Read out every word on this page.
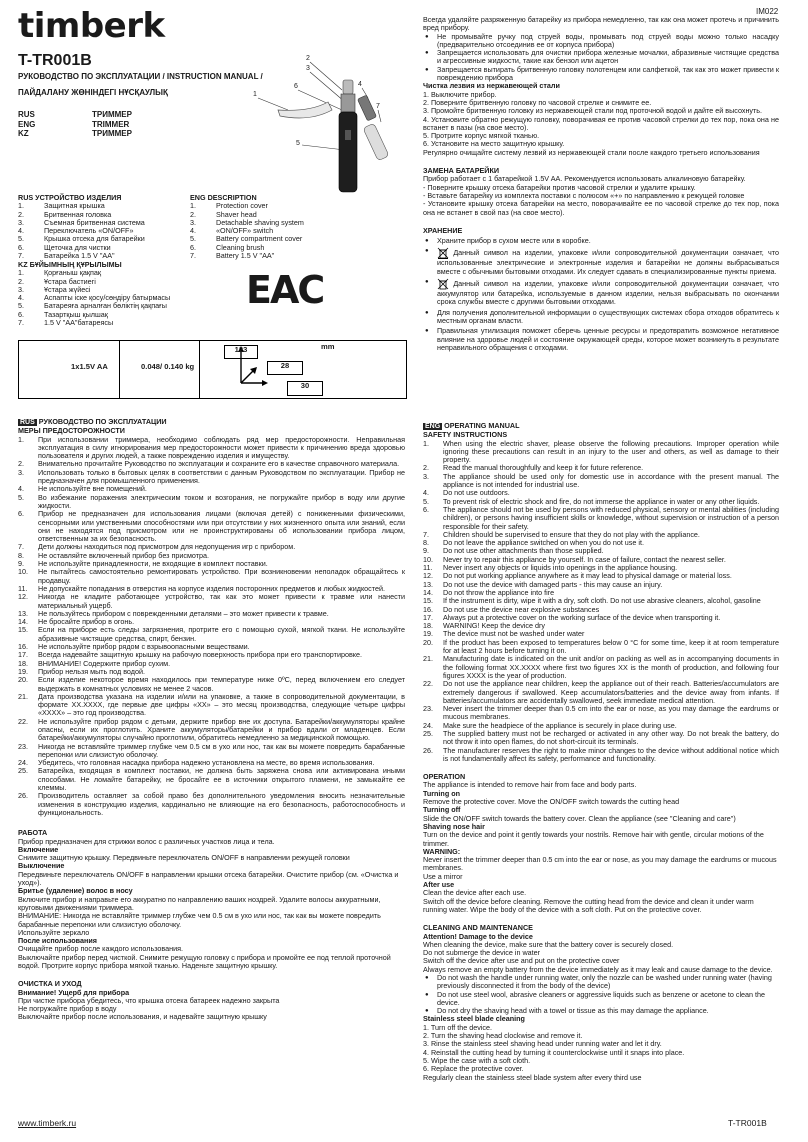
IM022
timberk
T-TR001B
РУКОВОДСТВО ПО ЭКСПЛУАТАЦИИ / INSTRUCTION MANUAL /
ПАЙДАЛАНУ ЖӨНІНДЕГІ НҰСҚАУЛЫҚ
RUS	ТРИММЕР
ENG	TRIMMER
KZ	ТРИММЕР
2
3
6
1
5
4
7
RUS УСТРОЙСТВО ИЗДЕЛИЯ
1.	Защитная крышка
2.	Бритвенная головка
3.	Съемная бритвенная система
4.	Переключатель «ON/OFF»
5.	Крышка отсека для батарейки
6.	Щеточка для чистки
7.	Батарейка 1.5 V "AA"
ENG DESCRIPTION
1.	Protection cover
2.	Shaver head
3.	Detachable shaving system
4.	«ON/OFF» switch
5.	Battery compartment cover
6.	Cleaning brush
7.	Battery 1.5 V "AA"
KZ БҰЙЫМНЫҢ ҚҰРЫЛЫМЫ
1.	Қорғаныш қақпақ
2.	Ұстара бастиегі
3.	Ұстара жүйесі
4.	Аспапты іске қосу/сөндіру батырмасы
5.	Батареяға арналған бөліктің қақпағы
6.	Тазартқыш қылшақ
7.	1.5 V "AA"батареясы
EAC
1x1.5V AA	0.048/ 0.140 kg
mm
123
28
30
RUS РУКОВОДСТВО ПО ЭКСПЛУАТАЦИИ
МЕРЫ ПРЕДОСТОРОЖНОСТИ
1.	При использовании триммера, необходимо соблюдать ряд мер предосторожности. Неправильная эксплуатация в силу игнорирования мер предосторожности может привести к причинению вреда здоровью пользователя и других людей, а также повреждению изделия и имуществу.
2.	Внимательно прочитайте Руководство по эксплуатации и сохраните его в качестве справочного материала.
3.	Использовать только в бытовых целях в соответствии с данным Руководством по эксплуатации. Прибор не предназначен для промышленного применения.
4.	Не используйте вне помещений.
5.	Во избежание поражения электрическим током и возгорания, не погружайте прибор в воду или другие жидкости.
6.	Прибор не предназначен для использования лицами (включая детей) с пониженными физическими, сенсорными или умственными способностями или при отсутствии у них жизненного опыта или знаний, если они не находятся под присмотром или не проинструктированы об использовании прибора лицом, ответственным за их безопасность.
7.	Дети должны находиться под присмотром для недопущения игр с прибором.
8.	Не оставляйте включенный прибор без присмотра.
9.	Не используйте принадлежности, не входящие в комплект поставки.
10.	Не пытайтесь самостоятельно ремонтировать устройство. При возникновении неполадок обращайтесь к продавцу.
11.	Не допускайте попадания в отверстия на корпусе изделия посторонних предметов и любых жидкостей.
12.	Никогда не кладите работающее устройство, так как это может привести к травме или нанести материальный ущерб.
13.	Не пользуйтесь прибором с поврежденными деталями – это может привести к травме.
14.	Не бросайте прибор в огонь.
15.	Если на приборе есть следы загрязнения, протрите его с помощью сухой, мягкой ткани. Не используйте абразивные чистящие средства, спирт, бензин.
16.	Не используйте прибор рядом с взрывоопасными веществами.
17.	Всегда надевайте защитную крышку на рабочую поверхность прибора при его транспортировке.
18.	ВНИМАНИЕ! Содержите прибор сухим.
19.	Прибор нельзя мыть под водой.
20.	Если изделие некоторое время находилось при температуре ниже 0ºС, перед включением его следует выдержать в комнатных условиях не менее 2 часов.
21.	Дата производства указана на изделии и/или на упаковке, а также в сопроводительной документации, в формате XX.XXXX, где первые две цифры «XX» – это месяц производства, следующие четыре цифры «XXXX» – это год производства.
22.	Не используйте прибор рядом с детьми, держите прибор вне их доступа. Батарейки/аккумуляторы крайне опасны, если их проглотить. Храните аккумуляторы/батарейки и прибор вдали от младенцев. Если батарейки/аккумуляторы случайно проглотили, обратитесь немедленно за медицинской помощью.
23.	Никогда не вставляйте триммер глубже чем 0.5 см в ухо или нос, так как вы можете повредить барабанные перепонки или слизистую оболочку.
24.	Убедитесь, что головная насадка прибора надежно установлена на месте, во время использования.
25.	Батарейка, входящая в комплект поставки, не должна быть заряжена снова или активирована иными способами. Не ломайте батарейку, не бросайте ее в источники открытого пламени, не замыкайте ее клеммы.
26.	Производитель оставляет за собой право без дополнительного уведомления вносить незначительные изменения в конструкцию изделия, кардинально не влияющие на его безопасность, работоспособность и функциональность.
РАБОТА

Прибор предназначен для стрижки волос с различных участков лица и тела.

Включение

Снимите защитную крышку. Передвиньте переключатель ON/OFF в направлении режущей головки

Выключение

Передвиньте переключатель ON/OFF в направлении крышки отсека батарейки. Очистите прибор (см. «Очистка и уход»).

Бритье (удаление) волос в носу

Включите прибор и направьте его аккуратно по направлению ваших ноздрей. Удалите волосы аккуратными, круговыми движениями триммера.

ВНИМАНИЕ: Никогда не вставляйте триммер глубже чем 0.5 см в ухо или нос, так как вы можете повредить барабанные перепонки или слизистую оболочку.

Используйте зеркало

После использования

Очищайте прибор после каждого использования.

Выключайте прибор перед чисткой. Снимите режущую головку с прибора и промойте ее под теплой проточной водой. Протрите корпус прибора мягкой тканью. Наденьте защитную крышку.

ОЧИСТКА И УХОД

Внимание! Ущерб для прибора

При чистке прибора убедитесь, что крышка отсека батареек надежно закрыта

Не погружайте прибор в воду

Выключайте прибор после использования, и надевайте защитную крышку

Всегда удаляйте разряженную батарейку из прибора немедленно, так как она может протечь и причинить вред прибору.

● Не промывайте ручку под струей воды, промывать под струей воды можно только насадку (предварительно отсоединив ее от корпуса прибора)

● Запрещается использовать для очистки прибора железные мочалки, абразивные чистящие средства и агрессивные жидкости, такие как бензол или ацетон

● Запрещается вытирать бритвенную головку полотенцем или салфеткой, так как это может привести к повреждению прибора

Чистка лезвия из нержавеющей стали

1. Выключите прибор.

2. Поверните бритвенную головку по часовой стрелке и снимите ее.

3. Промойте бритвенную головку из нержавеющей стали под проточной водой и дайте ей высохнуть.

4. Установите обратно режущую головку, поворачивая ее против часовой стрелки до тех пор, пока она не встанет в пазы (на свое место).

5. Протрите корпус мягкой тканью.

6. Установите на место защитную крышку.

Регулярно очищайте систему лезвий из нержавеющей стали после каждого третьего использования

ЗАМЕНА БАТАРЕЙКИ

Прибор работает с 1 батарейкой 1.5V AA. Рекомендуется использовать алкалиновую батарейку.

- Поверните крышку отсека батарейки против часовой стрелки и удалите крышку.

- Вставьте батарейку из комплекта поставки с полюсом «+» по направлению к режущей головке

- Установите крышку отсека батарейки на место, поворачивайте ее по часовой стрелке до тех пор, пока она не встанет в свой паз (на свое место).

ХРАНЕНИЕ

● Храните прибор в сухом месте или в коробке.

● Данный символ на изделии, упаковке и/или сопроводительной документации означает, что использованные электрические и электронные изделия и батарейки не должны выбрасываться вместе с обычными бытовыми отходами. Их следует сдавать в специализированные пункты приема.

● Данный символ на изделии, упаковке и/или сопроводительной документации означает, что аккумулятор или батарейка, используемые в данном изделии, нельзя выбрасывать по окончании срока службы вместе с другими бытовыми отходами.

● Для получения дополнительной информации о существующих системах сбора отходов обратитесь к местным органам власти.

● Правильная утилизация поможет сберечь ценные ресурсы и предотвратить возможное негативное влияние на здоровье людей и состояние окружающей среды, которое может возникнуть в результате неправильного обращения с отходами.

ENG OPERATING MANUAL
SAFETY INSTRUCTIONS
1.	When using the electric shaver, please observe the following precautions. Improper operation while ignoring these precautions can result in an injury to the user and others, as well as damage to their property.
2.	Read the manual thoroughfully and keep it for future reference.
3.	The appliance should be used only for domestic use in accordance with the present manual. The appliance is not intended for industrial use.
4.	Do not use outdoors.
5.	To prevent risk of electric shock and fire, do not immerse the appliance in water or any other liquids.
6.	The appliance should not be used by persons with reduced physical, sensory or mental abilities (including children), or persons having insufficient skills or knowledge, without supervision or instruction of a person responsible for their safety.
7.	Children should be supervised to ensure that they do not play with the appliance.
8.	Do not leave the appliance switched on when you do not use it.
9.	Do not use other attachments than those supplied.
10.	Never try to repair this appliance by yourself. In case of failure, contact the nearest seller.
11.	Never insert any objects or liquids into openings in the appliance housing.
12.	Do not put working appliance anywhere as it may lead to physical damage or material loss.
13.	Do not use the device with damaged parts - this may cause an injury.
14.	Do not throw the appliance into fire
15.	If the instrument is dirty, wipe it with a dry, soft cloth. Do not use abrasive cleaners, alcohol, gasoline
16.	Do not use the device near explosive substances
17.	Always put a protective cover on the working surface of the device when transporting it.
18.	WARNING! Keep the device dry
19.	The device must not be washed under water
20.	If the product has been exposed to temperatures below 0 °C for some time, keep it at room temperature for at least 2 hours before turning it on.
21.	Manufacturing date is indicated on the unit and/or on packing as well as in accompanying documents in the following format XX.XXXX where first two figures XX is the month of production, and following four figures XXXX is the year of production.
22.	Do not use the appliance near children, keep the appliance out of their reach. Batteries/accumulators are extremely dangerous if swallowed. Keep accumulators/batteries and the device away from infants. If batteries/accumulators are accidentally swallowed, seek immediate medical attention.
23.	Never insert the trimmer deeper than 0.5 cm into the ear or nose, as you may damage the eardrums or mucous membranes.
24.	Make sure the headpiece of the appliance is securely in place during use.
25.	The supplied battery must not be recharged or activated in any other way. Do not break the battery, do not throw it into open flames, do not short-circuit its terminals.
26.	The manufacturer reserves the right to make minor changes to the device without additional notice which is not fundamentally affect its safety, performance and functionality.
OPERATION

The appliance is intended to remove hair from face and body parts.

Turning on

Remove the protective cover. Move the ON/OFF switch towards the cutting head

Turning off

Slide the ON/OFF switch towards the battery cover. Clean the appliance (see "Cleaning and care")

Shaving nose hair

Turn on the device and point it gently towards your nostrils. Remove hair with gentle, circular motions of the trimmer.

WARNING:

Never insert the trimmer deeper than 0.5 cm into the ear or nose, as you may damage the eardrums or mucous membranes.

Use a mirror

After use

Clean the device after each use.

Switch off the device before cleaning. Remove the cutting head from the device and clean it under warm running water. Wipe the body of the device with a soft cloth. Put on the protective cover.

CLEANING AND MAINTENANCE

Attention! Damage to the device

When cleaning the device, make sure that the battery cover is securely closed.

Do not submerge the device in water

Switch off the device after use and put on the protective cover

Always remove an empty battery from the device immediately as it may leak and cause damage to the device.

● Do not wash the handle under running water, only the nozzle can be washed under running water (having previously disconnected it from the body of the device)

● Do not use steel wool, abrasive cleaners or aggressive liquids such as benzene or acetone to clean the device.

● Do not dry the shaving head with a towel or tissue as this may damage the appliance.

Stainless steel blade cleaning

1. Turn off the device.

2. Turn the shaving head clockwise and remove it.

3. Rinse the stainless steel shaving head under running water and let it dry.

4. Reinstall the cutting head by turning it counterclockwise until it snaps into place.

5. Wipe the case with a soft cloth.

6. Replace the protective cover.

Regularly clean the stainless steel blade system after every third use

www.timberk.ru	T-TR001B
